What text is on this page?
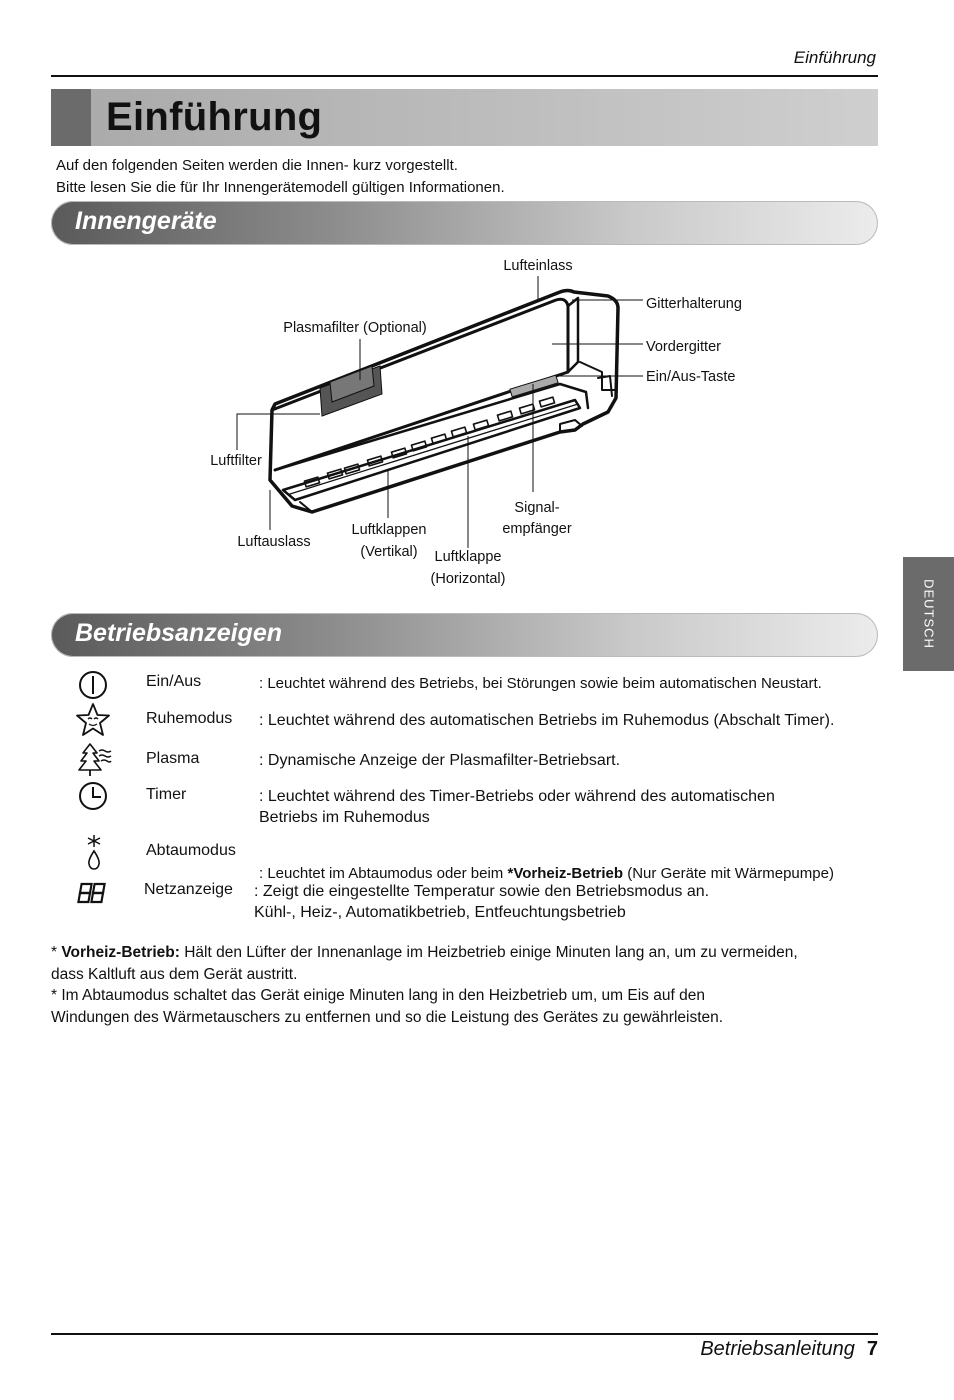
Einführung
Einführung
Auf den folgenden Seiten werden die Innen- kurz vorgestellt.
Bitte lesen Sie die für Ihr Innengerätemodell gültigen Informationen.
Innengeräte
Lufteinlass
Gitterhalterung
Plasmafilter (Optional)
Vordergitter
Ein/Aus-Taste
Luftfilter
Signal-
empfänger
Luftauslass
Luftklappen
(Vertikal) Luftklappe
(Horizontal)
DEUTSCH
Betriebsanzeigen
Ein/Aus	: Leuchtet während des Betriebs, bei Störungen sowie beim automatischen Neustart.
Ruhemodus : Leuchtet während des automatischen Betriebs im Ruhemodus (Abschalt Timer).
Plasma	: Dynamische Anzeige der Plasmafilter-Betriebsart.
Timer	: Leuchtet während des Timer-Betriebs oder während des automatischen
Betriebs im Ruhemodus
Abtaumodus

: Leuchtet im Abtaumodus oder beim *Vorheiz-Betrieb (Nur Geräte mit Wärmepumpe)

Netzanzeige : Zeigt die eingestellte Temperatur sowie den Betriebsmodus an.
Kühl-, Heiz-, Automatikbetrieb, Entfeuchtungsbetrieb
* Vorheiz-Betrieb: Hält den Lüfter der Innenanlage im Heizbetrieb einige Minuten lang an, um zu vermeiden,
dass Kaltluft aus dem Gerät austritt.
* Im Abtaumodus schaltet das Gerät einige Minuten lang in den Heizbetrieb um, um Eis auf den
Windungen des Wärmetauschers zu entfernen und so die Leistung des Gerätes zu gewährleisten.
Betriebsanleitung 7
